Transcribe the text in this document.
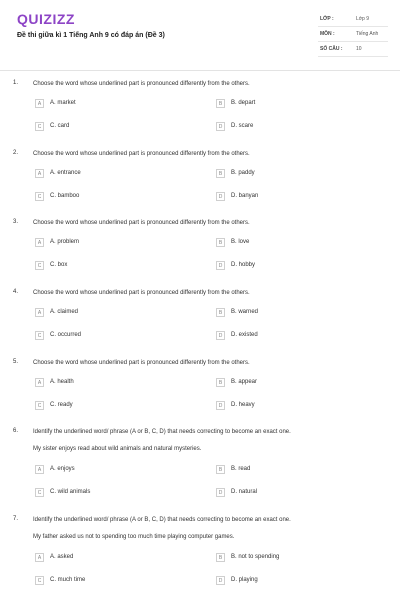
QUIZIZZ
Đề thi giữa kì 1 Tiếng Anh 9 có đáp án (Đề 3)
LỚP :	Lớp 9
MÔN :	Tiếng Anh
SỐ CÂU :	10
1. Choose the word whose underlined part is pronounced differently from the others.
A	A. market	B	B. depart
C	C. card	D	D. scare
2. Choose the word whose underlined part is pronounced differently from the others.
A	A. entrance	B	B. paddy
C	C. bamboo	D	D. banyan
3. Choose the word whose underlined part is pronounced differently from the others.
A	A. problem	B	B. love
C	C. box	D	D. hobby
4. Choose the word whose underlined part is pronounced differently from the others.
A	A. claimed	B	B. warned
C	C. occurred	D	D. existed
5. Choose the word whose underlined part is pronounced differently from the others.
A	A. health	B	B. appear
C	C. ready	D	D. heavy
6. Identify the underlined word/ phrase (A or B, C, D) that needs correcting to become an exact one.
My sister enjoys read about wild animals and natural mysteries.
A	A. enjoys	B	B. read
C	C. wild animals	D	D. natural
7. Identify the underlined word/ phrase (A or B, C, D) that needs correcting to become an exact one.
My father asked us not to spending too much time playing computer games.
A	A. asked	B	B. not to spending
C	C. much time	D	D. playing
